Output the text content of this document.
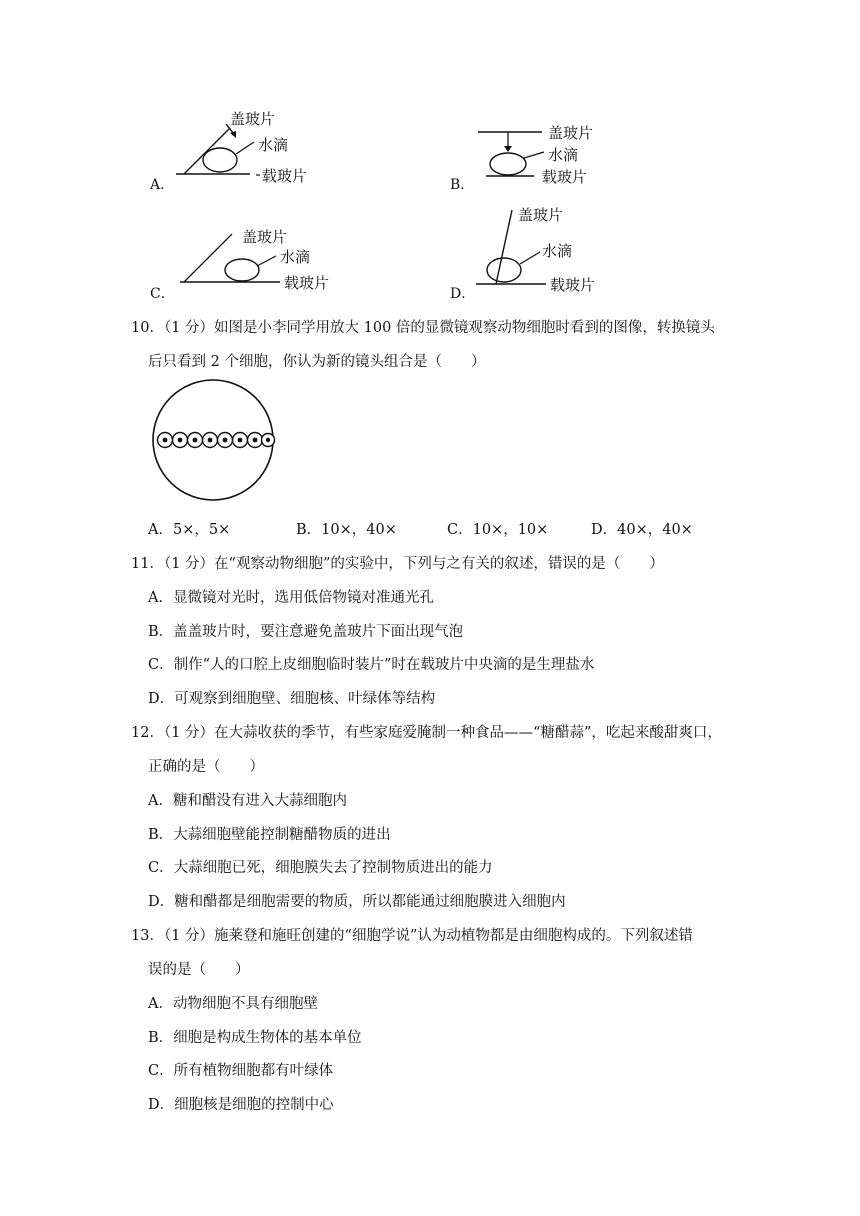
A．
盖玻片
水滴
载玻片	B．
盖玻片
水滴
载玻片
C．
盖玻片
水滴
载玻片
D．
盖玻片
水滴
载玻片
10．（1 分）如图是小李同学用放大 100 倍的显微镜观察动物细胞时看到的图像，转换镜头
后只看到 2 个细胞，你认为新的镜头组合是（　　）
A．5×，5×	B．10×，40×	C．10×，10×	D．40×，40×
11．（1 分）在“观察动物细胞”的实验中，下列与之有关的叙述，错误的是（　　）
A．显微镜对光时，选用低倍物镜对准通光孔
B．盖盖玻片时，要注意避免盖玻片下面出现气泡
C．制作“人的口腔上皮细胞临时装片”时在载玻片中央滴的是生理盐水
D．可观察到细胞壁、细胞核、叶绿体等结构
12．（1 分）在大蒜收获的季节，有些家庭爱腌制一种食品——“糖醋蒜”，吃起来酸甜爽口，
正确的是（　　）
A．糖和醋没有进入大蒜细胞内
B．大蒜细胞壁能控制糖醋物质的进出
C．大蒜细胞已死，细胞膜失去了控制物质进出的能力
D．糖和醋都是细胞需要的物质，所以都能通过细胞膜进入细胞内
13．（1 分）施莱登和施旺创建的“细胞学说”认为动植物都是由细胞构成的。下列叙述错
误的是（　　）
A．动物细胞不具有细胞壁
B．细胞是构成生物体的基本单位
C．所有植物细胞都有叶绿体
D．细胞核是细胞的控制中心
